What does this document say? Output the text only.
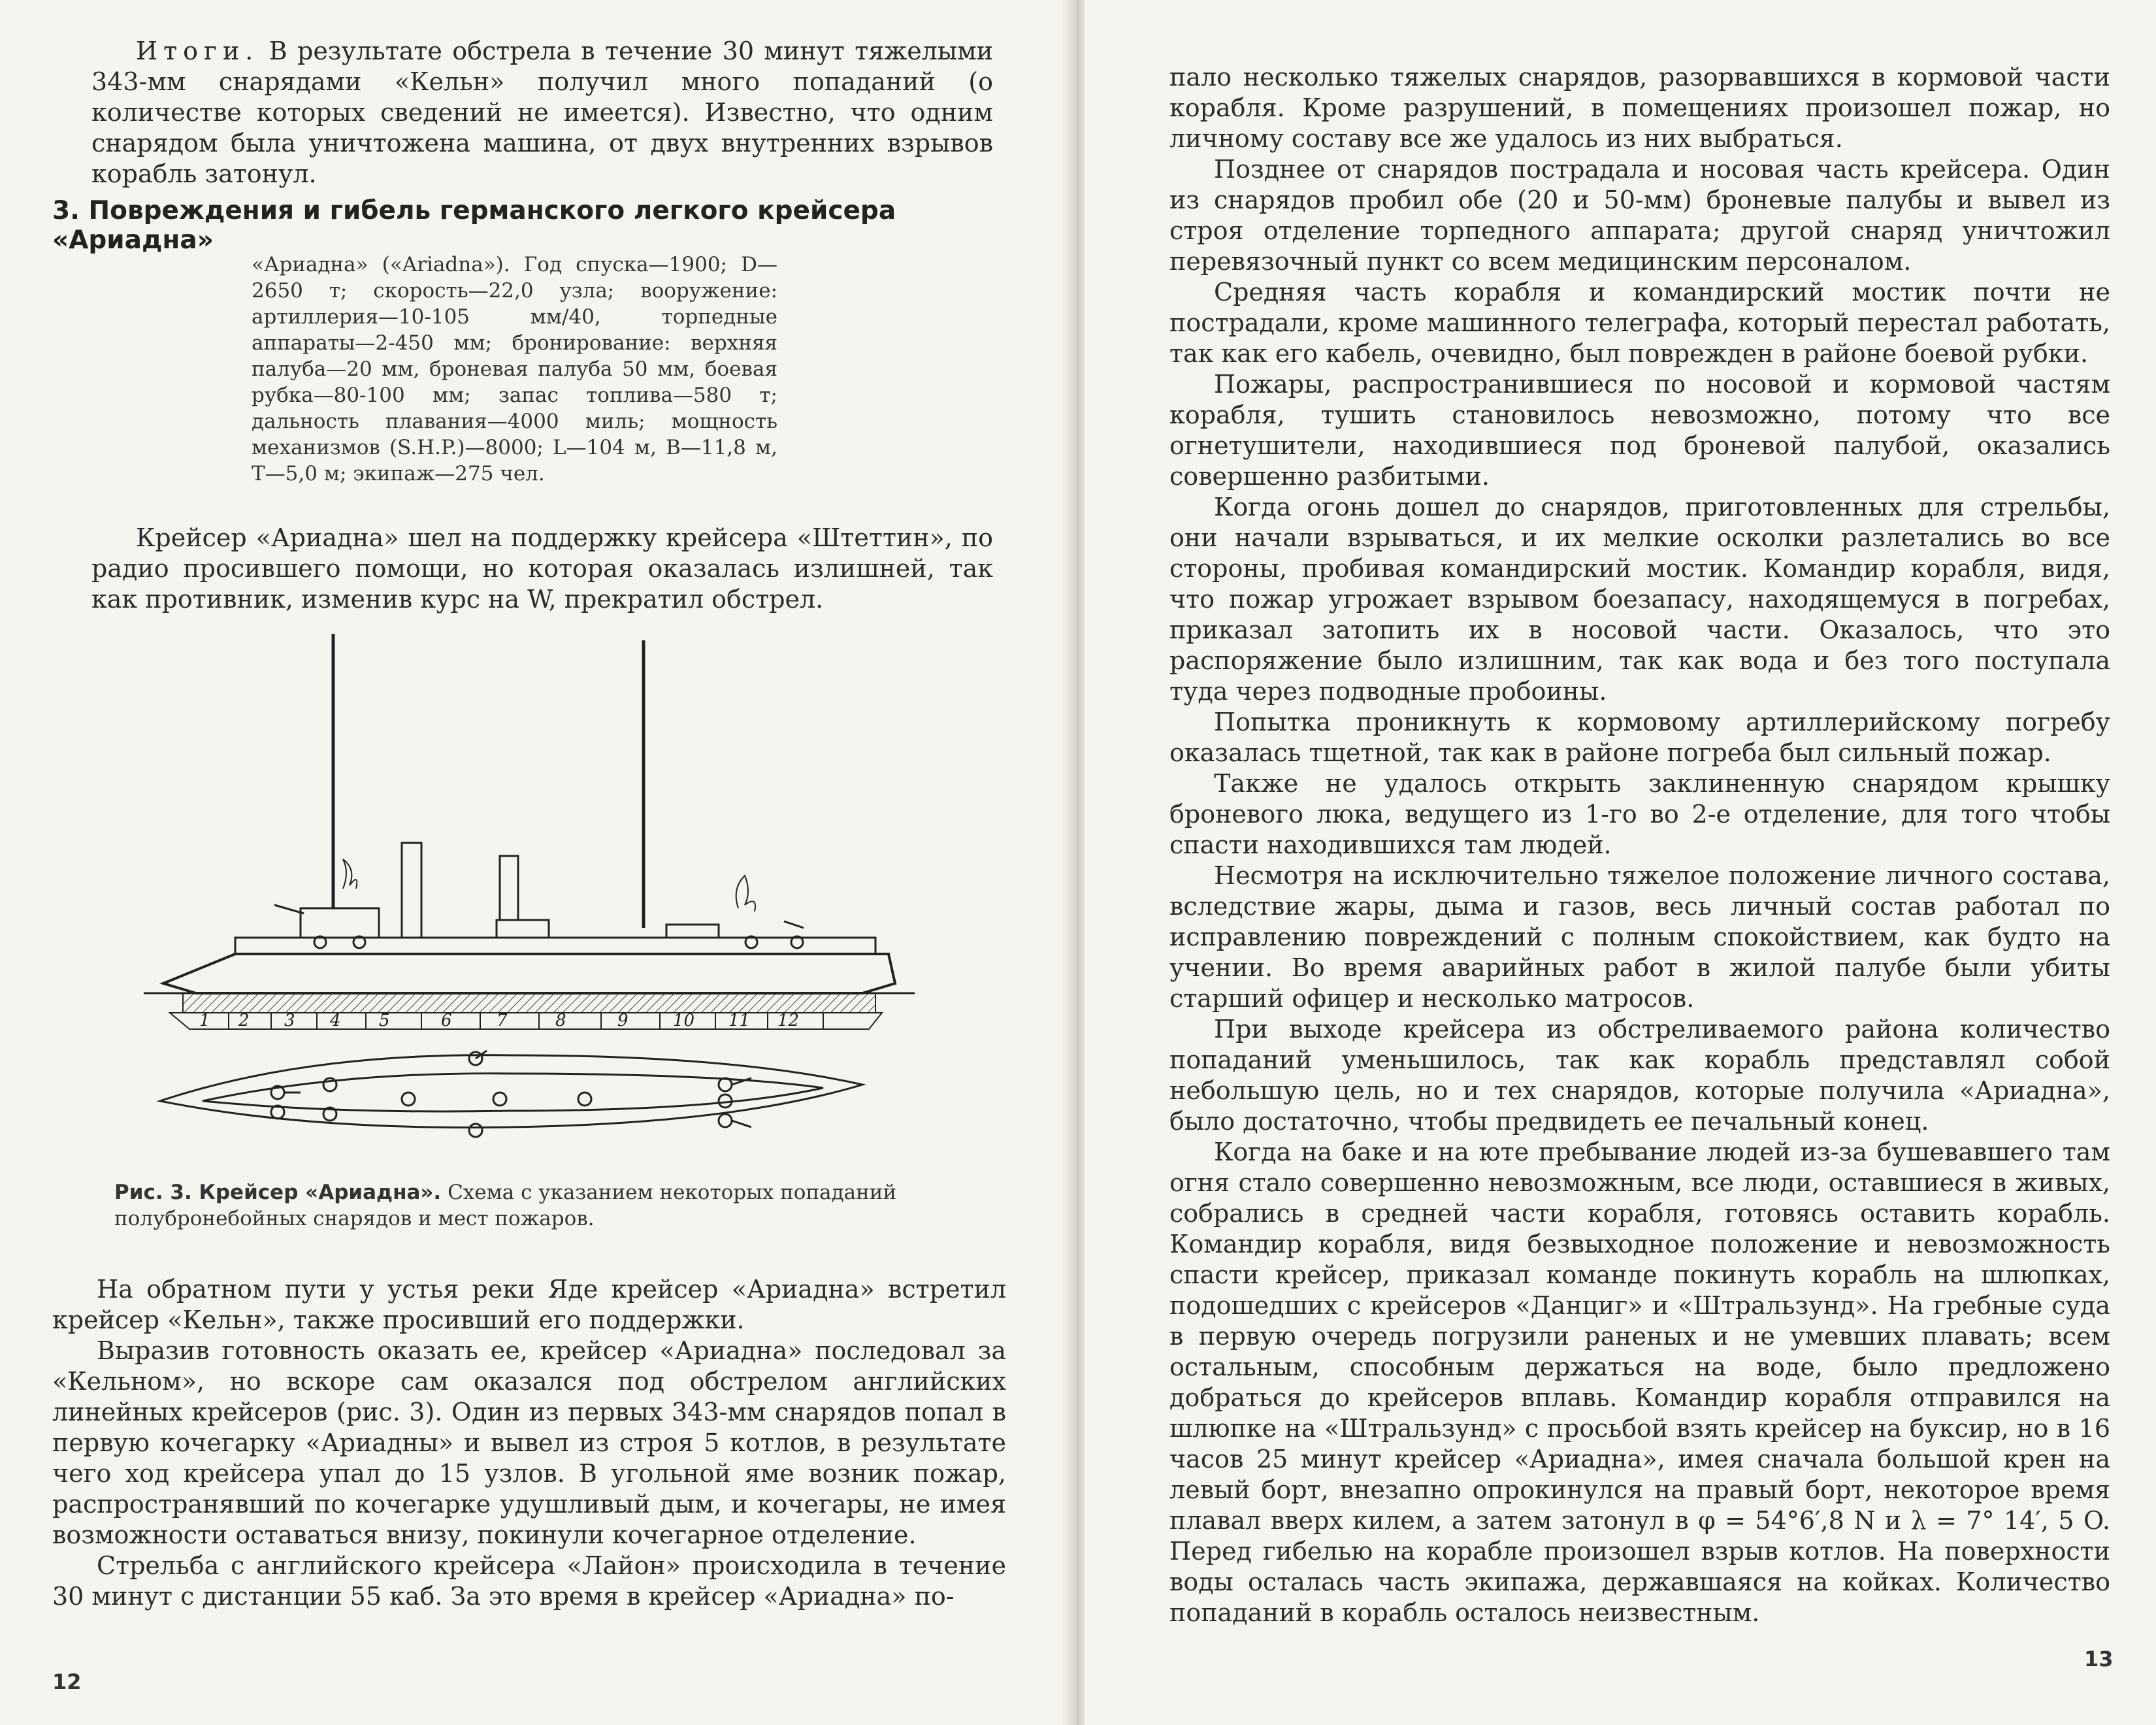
Итоги. В результате обстрела в течение 30 минут тяжелыми 343-мм снарядами «Кельн» получил много попаданий (о количестве которых сведений не имеется). Известно, что одним снарядом была уничтожена машина, от двух внутренних взрывов корабль затонул.

3. Повреждения и гибель германского легкого крейсера «Ариадна»
«Ариадна» («Ariadna»). Год спуска—1900; D—2650 т; скорость—22,0 узла; вооружение: артиллерия—10-105 мм/40, торпедные аппараты—2-450 мм; бронирование: верхняя палуба—20 мм, броневая палуба 50 мм, боевая рубка—80-100 мм; запас топлива—580 т; дальность плавания—4000 миль; мощность механизмов (S.H.P.)—8000; L—104 м, B—11,8 м, T—5,0 м; экипаж—275 чел.

Крейсер «Ариадна» шел на поддержку крейсера «Штеттин», по радио просившего помощи, но которая оказалась излишней, так как противник, изменив курс на W, прекратил обстрел.

1 2 3 4 5	6	7	8	9	10 11 12
Рис. 3. Крейсер «Ариадна». Схема с указанием некоторых попаданий полубронебойных снарядов и мест пожаров.

На обратном пути у устья реки Яде крейсер «Ариадна» встретил крейсер «Кельн», также просивший его поддержки.

Выразив готовность оказать ее, крейсер «Ариадна» последовал за «Кельном», но вскоре сам оказался под обстрелом английских линейных крейсеров (рис. 3). Один из первых 343-мм снарядов попал в первую кочегарку «Ариадны» и вывел из строя 5 котлов, в результате чего ход крейсера упал до 15 узлов. В угольной яме возник пожар, распространявший по кочегарке удушливый дым, и кочегары, не имея возможности оставаться внизу, покинули кочегарное отделение.

Стрельба с английского крейсера «Лайон» происходила в течение 30 минут с дистанции 55 каб. За это время в крейсер «Ариадна» по-

12

пало несколько тяжелых снарядов, разорвавшихся в кормовой части корабля. Кроме разрушений, в помещениях произошел пожар, но личному составу все же удалось из них выбраться.

Позднее от снарядов пострадала и носовая часть крейсера. Один из снарядов пробил обе (20 и 50-мм) броневые палубы и вывел из строя отделение торпедного аппарата; другой снаряд уничтожил перевязочный пункт со всем медицинским персоналом.

Средняя часть корабля и командирский мостик почти не пострадали, кроме машинного телеграфа, который перестал работать, так как его кабель, очевидно, был поврежден в районе боевой рубки.

Пожары, распространившиеся по носовой и кормовой частям корабля, тушить становилось невозможно, потому что все огнетушители, находившиеся под броневой палубой, оказались совершенно разбитыми.

Когда огонь дошел до снарядов, приготовленных для стрельбы, они начали взрываться, и их мелкие осколки разлетались во все стороны, пробивая командирский мостик. Командир корабля, видя, что пожар угрожает взрывом боезапасу, находящемуся в погребах, приказал затопить их в носовой части. Оказалось, что это распоряжение было излишним, так как вода и без того поступала туда через подводные пробоины.

Попытка проникнуть к кормовому артиллерийскому погребу оказалась тщетной, так как в районе погреба был сильный пожар.

Также не удалось открыть заклиненную снарядом крышку броневого люка, ведущего из 1-го во 2-е отделение, для того чтобы спасти находившихся там людей.

Несмотря на исключительно тяжелое положение личного состава, вследствие жары, дыма и газов, весь личный состав работал по исправлению повреждений с полным спокойствием, как будто на учении. Во время аварийных работ в жилой палубе были убиты старший офицер и несколько матросов.

При выходе крейсера из обстреливаемого района количество попаданий уменьшилось, так как корабль представлял собой небольшую цель, но и тех снарядов, которые получила «Ариадна», было достаточно, чтобы предвидеть ее печальный конец.

Когда на баке и на юте пребывание людей из-за бушевавшего там огня стало совершенно невозможным, все люди, оставшиеся в живых, собрались в средней части корабля, готовясь оставить корабль. Командир корабля, видя безвыходное положение и невозможность спасти крейсер, приказал команде покинуть корабль на шлюпках, подошедших с крейсеров «Данциг» и «Штральзунд». На гребные суда в первую очередь погрузили раненых и не умевших плавать; всем остальным, способным держаться на воде, было предложено добраться до крейсеров вплавь. Командир корабля отправился на шлюпке на «Штральзунд» с просьбой взять крейсер на буксир, но в 16 часов 25 минут крейсер «Ариадна», имея сначала большой крен на левый борт, внезапно опрокинулся на правый борт, некоторое время плавал вверх килем, а затем затонул в φ = 54°6′,8 N и λ = 7° 14′, 5 O. Перед гибелью на корабле произошел взрыв котлов. На поверхности воды осталась часть экипажа, державшаяся на койках. Количество попаданий в корабль осталось неизвестным.

13
